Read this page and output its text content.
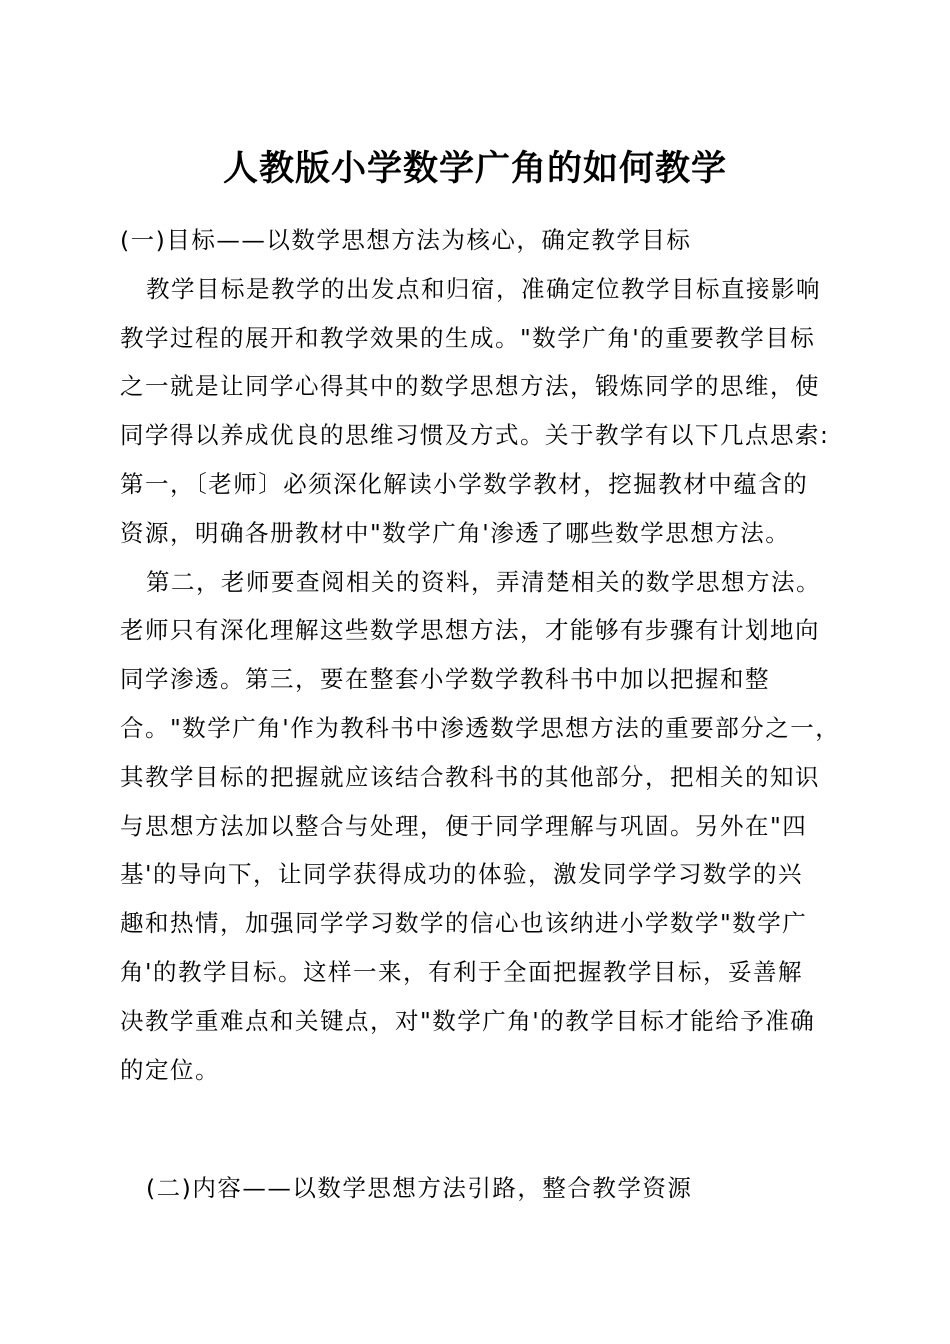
人教版小学数学广角的如何教学
(一)目标——以数学思想方法为核心，确定教学目标
教学目标是教学的出发点和归宿，准确定位教学目标直接影响
教学过程的展开和教学效果的生成。"数学广角'的重要教学目标
之一就是让同学心得其中的数学思想方法，锻炼同学的思维，使
同学得以养成优良的思维习惯及方式。关于教学有以下几点思索:
第一，〔老师〕必须深化解读小学数学教材，挖掘教材中蕴含的
资源，明确各册教材中"数学广角'渗透了哪些数学思想方法。
第二，老师要查阅相关的资料，弄清楚相关的数学思想方法。
老师只有深化理解这些数学思想方法，才能够有步骤有计划地向
同学渗透。第三，要在整套小学数学教科书中加以把握和整
合。"数学广角'作为教科书中渗透数学思想方法的重要部分之一，
其教学目标的把握就应该结合教科书的其他部分，把相关的知识
与思想方法加以整合与处理，便于同学理解与巩固。另外在"四
基'的导向下，让同学获得成功的体验，激发同学学习数学的兴
趣和热情，加强同学学习数学的信心也该纳进小学数学"数学广
角'的教学目标。这样一来，有利于全面把握教学目标，妥善解
决教学重难点和关键点，对"数学广角'的教学目标才能给予准确
的定位。
(二)内容——以数学思想方法引路，整合教学资源
